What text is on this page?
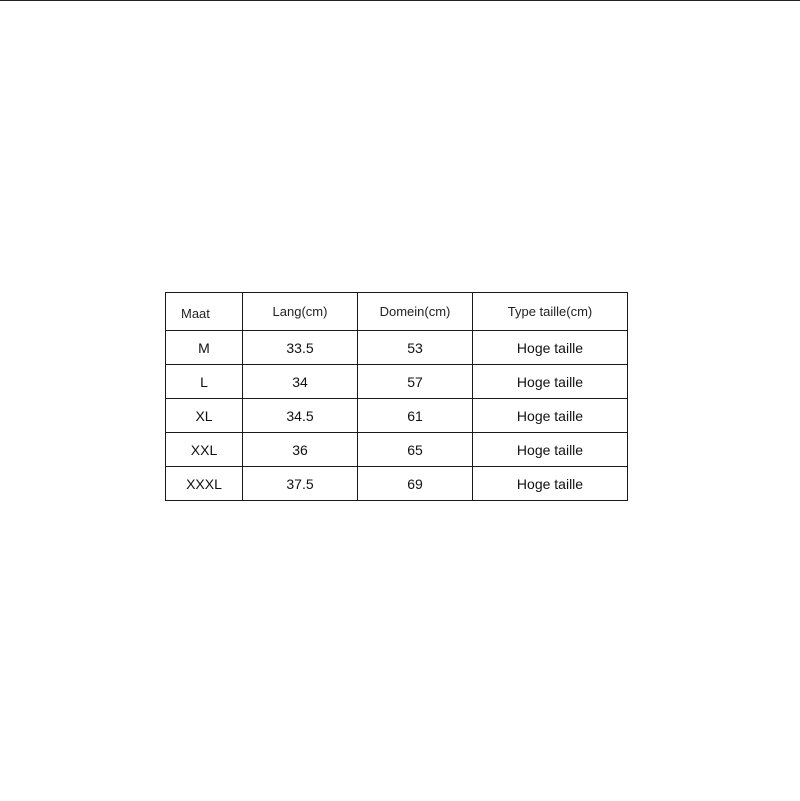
Maat	Lang(cm)	Domein(cm)	Type taille(cm)
M	33.5	53	Hoge taille
L	34	57	Hoge taille
XL	34.5	61	Hoge taille
XXL	36	65	Hoge taille
XXXL	37.5	69	Hoge taille
